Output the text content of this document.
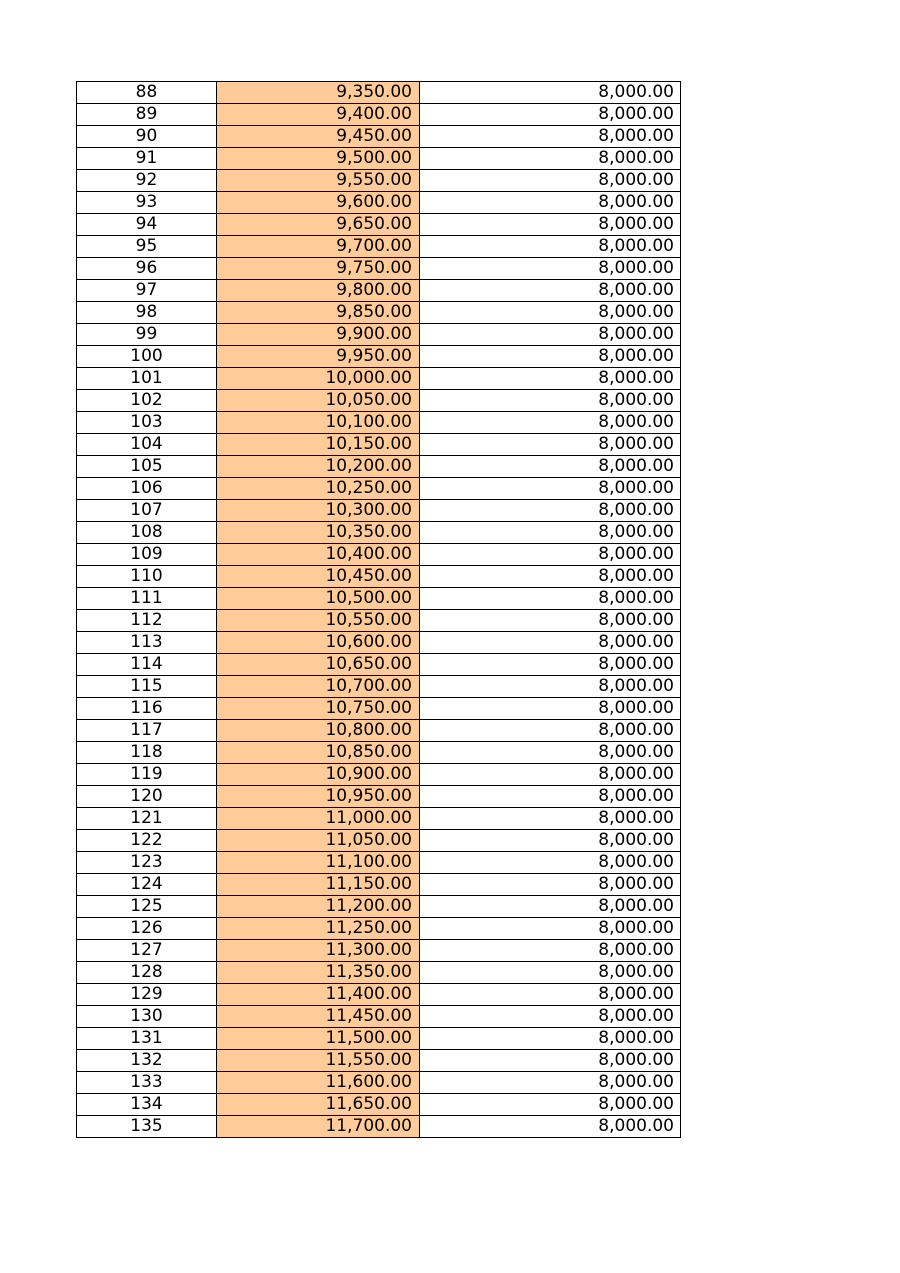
88	9,350.00	8,000.00
89	9,400.00	8,000.00
90	9,450.00	8,000.00
91	9,500.00	8,000.00
92	9,550.00	8,000.00
93	9,600.00	8,000.00
94	9,650.00	8,000.00
95	9,700.00	8,000.00
96	9,750.00	8,000.00
97	9,800.00	8,000.00
98	9,850.00	8,000.00
99	9,900.00	8,000.00
100	9,950.00	8,000.00
101	10,000.00	8,000.00
102	10,050.00	8,000.00
103	10,100.00	8,000.00
104	10,150.00	8,000.00
105	10,200.00	8,000.00
106	10,250.00	8,000.00
107	10,300.00	8,000.00
108	10,350.00	8,000.00
109	10,400.00	8,000.00
110	10,450.00	8,000.00
111	10,500.00	8,000.00
112	10,550.00	8,000.00
113	10,600.00	8,000.00
114	10,650.00	8,000.00
115	10,700.00	8,000.00
116	10,750.00	8,000.00
117	10,800.00	8,000.00
118	10,850.00	8,000.00
119	10,900.00	8,000.00
120	10,950.00	8,000.00
121	11,000.00	8,000.00
122	11,050.00	8,000.00
123	11,100.00	8,000.00
124	11,150.00	8,000.00
125	11,200.00	8,000.00
126	11,250.00	8,000.00
127	11,300.00	8,000.00
128	11,350.00	8,000.00
129	11,400.00	8,000.00
130	11,450.00	8,000.00
131	11,500.00	8,000.00
132	11,550.00	8,000.00
133	11,600.00	8,000.00
134	11,650.00	8,000.00
135	11,700.00	8,000.00
